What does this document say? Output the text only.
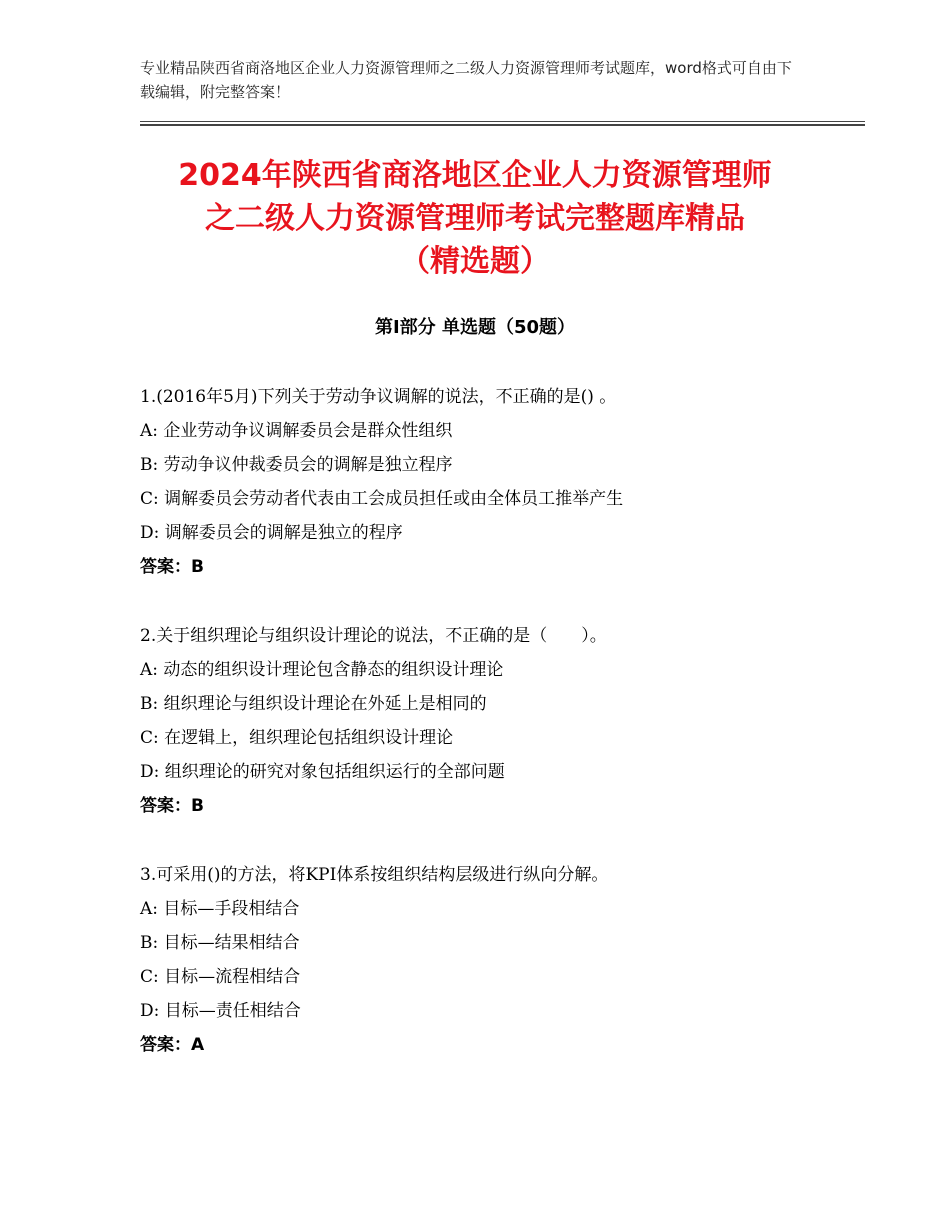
专业精品陕西省商洛地区企业人力资源管理师之二级人力资源管理师考试题库，word格式可自由下载编辑，附完整答案！
2024年陕西省商洛地区企业人力资源管理师
之二级人力资源管理师考试完整题库精品
（精选题）
第Ⅰ部分 单选题（50题）
1.(2016年5月)下列关于劳动争议调解的说法，不正确的是() 。
A: 企业劳动争议调解委员会是群众性组织
B: 劳动争议仲裁委员会的调解是独立程序
C: 调解委员会劳动者代表由工会成员担任或由全体员工推举产生
D: 调解委员会的调解是独立的程序
答案：B
2.关于组织理论与组织设计理论的说法，不正确的是（　　）。
A: 动态的组织设计理论包含静态的组织设计理论
B: 组织理论与组织设计理论在外延上是相同的
C: 在逻辑上，组织理论包括组织设计理论
D: 组织理论的研究对象包括组织运行的全部问题
答案：B
3.可采用()的方法，将KPI体系按组织结构层级进行纵向分解。
A: 目标—手段相结合
B: 目标—结果相结合
C: 目标—流程相结合
D: 目标—责任相结合
答案：A
